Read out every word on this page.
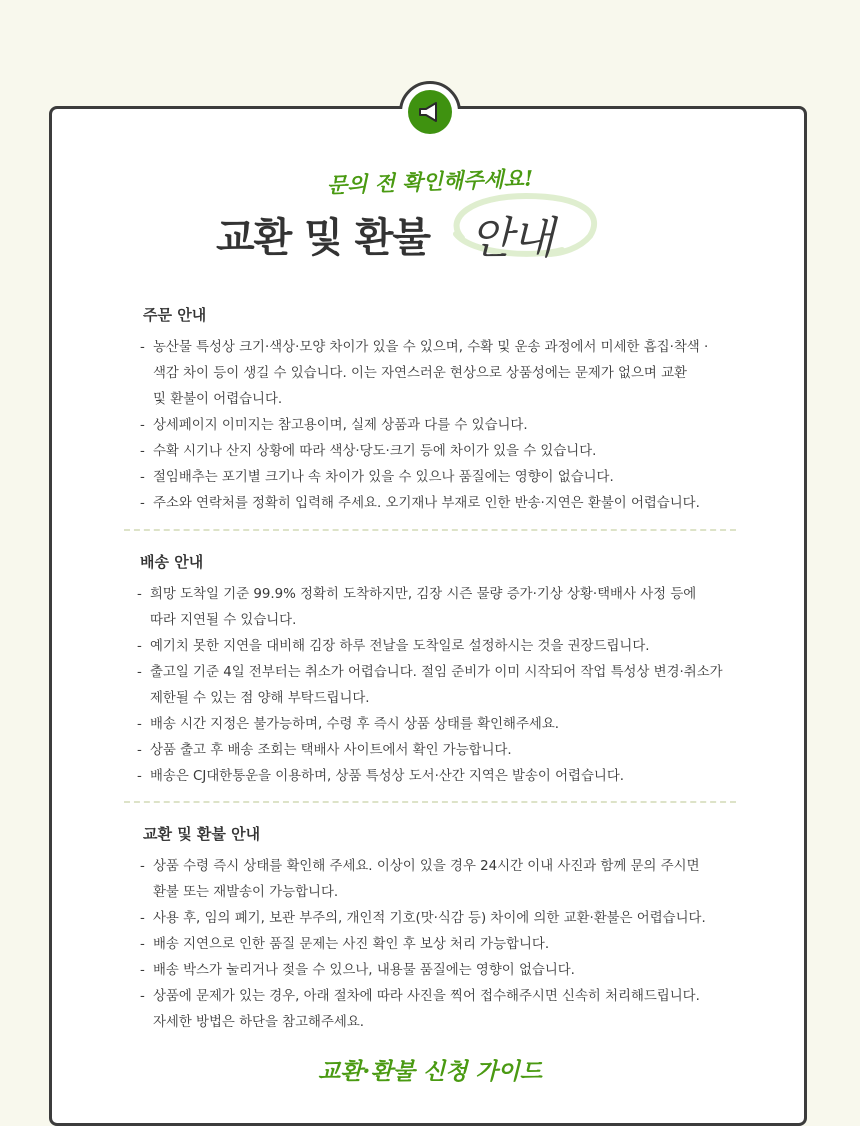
문의 전 확인해주세요!
교환 및 환불 안내
주문 안내
- 농산물 특성상 크기·색상·모양 차이가 있을 수 있으며, 수확 및 운송 과정에서 미세한 흠집·착색 ·
색감 차이 등이 생길 수 있습니다. 이는 자연스러운 현상으로 상품성에는 문제가 없으며 교환
및 환불이 어렵습니다.
- 상세페이지 이미지는 참고용이며, 실제 상품과 다를 수 있습니다.
- 수확 시기나 산지 상황에 따라 색상·당도·크기 등에 차이가 있을 수 있습니다.
- 절임배추는 포기별 크기나 속 차이가 있을 수 있으나 품질에는 영향이 없습니다.
- 주소와 연락처를 정확히 입력해 주세요. 오기재나 부재로 인한 반송·지연은 환불이 어렵습니다.
배송 안내
- 희망 도착일 기준 99.9% 정확히 도착하지만, 김장 시즌 물량 증가·기상 상황·택배사 사정 등에
따라 지연될 수 있습니다.
- 예기치 못한 지연을 대비해 김장 하루 전날을 도착일로 설정하시는 것을 권장드립니다.
- 출고일 기준 4일 전부터는 취소가 어렵습니다. 절임 준비가 이미 시작되어 작업 특성상 변경·취소가
제한될 수 있는 점 양해 부탁드립니다.
- 배송 시간 지정은 불가능하며, 수령 후 즉시 상품 상태를 확인해주세요.
- 상품 출고 후 배송 조회는 택배사 사이트에서 확인 가능합니다.
- 배송은 CJ대한통운을 이용하며, 상품 특성상 도서·산간 지역은 발송이 어렵습니다.
교환 및 환불 안내
- 상품 수령 즉시 상태를 확인해 주세요. 이상이 있을 경우 24시간 이내 사진과 함께 문의 주시면
환불 또는 재발송이 가능합니다.
- 사용 후, 임의 폐기, 보관 부주의, 개인적 기호(맛·식감 등) 차이에 의한 교환·환불은 어렵습니다.
- 배송 지연으로 인한 품질 문제는 사진 확인 후 보상 처리 가능합니다.
- 배송 박스가 눌리거나 젖을 수 있으나, 내용물 품질에는 영향이 없습니다.
- 상품에 문제가 있는 경우, 아래 절차에 따라 사진을 찍어 접수해주시면 신속히 처리해드립니다.
자세한 방법은 하단을 참고해주세요.
교환·환불 신청 가이드
